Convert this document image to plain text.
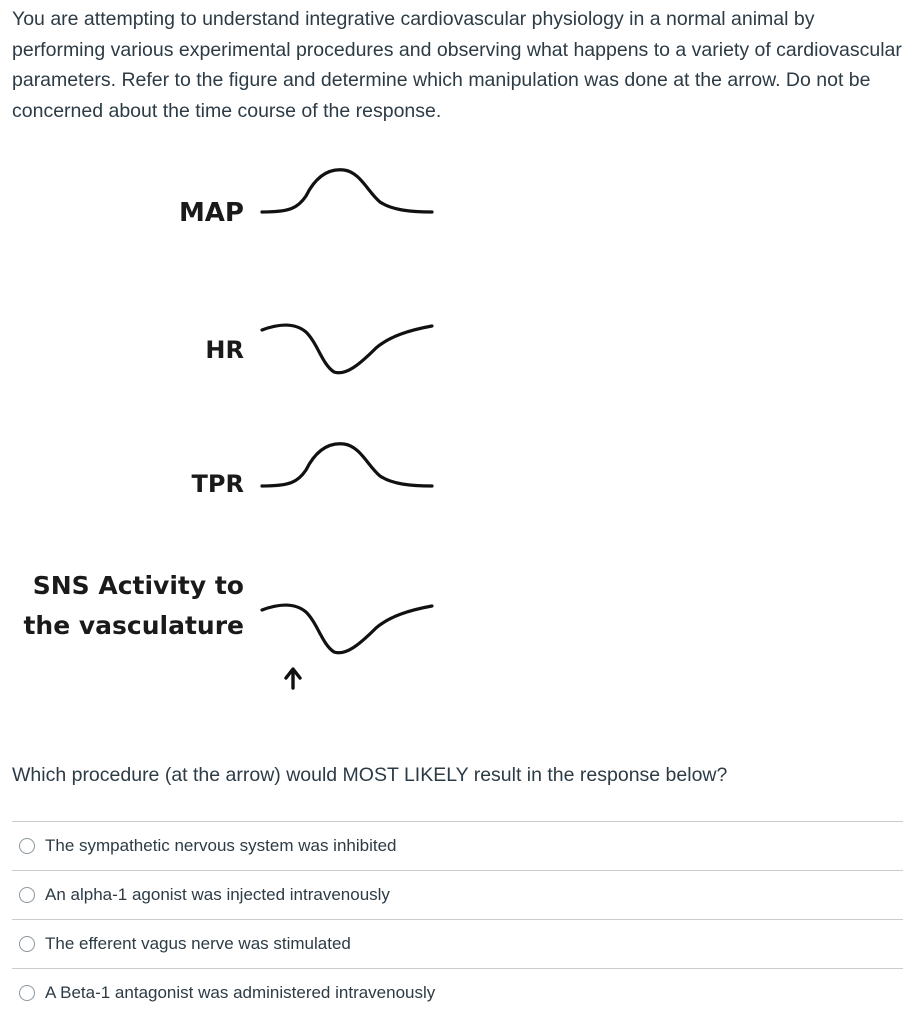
You are attempting to understand integrative cardiovascular physiology in a normal animal by performing various experimental procedures and observing what happens to a variety of cardiovascular parameters. Refer to the figure and determine which manipulation was done at the arrow. Do not be concerned about the time course of the response.

MAP
HR
TPR
SNS Activity to
the vasculature

Which procedure (at the arrow) would MOST LIKELY result in the response below?

The sympathetic nervous system was inhibited
An alpha-1 agonist was injected intravenously
The efferent vagus nerve was stimulated
A Beta-1 antagonist was administered intravenously
